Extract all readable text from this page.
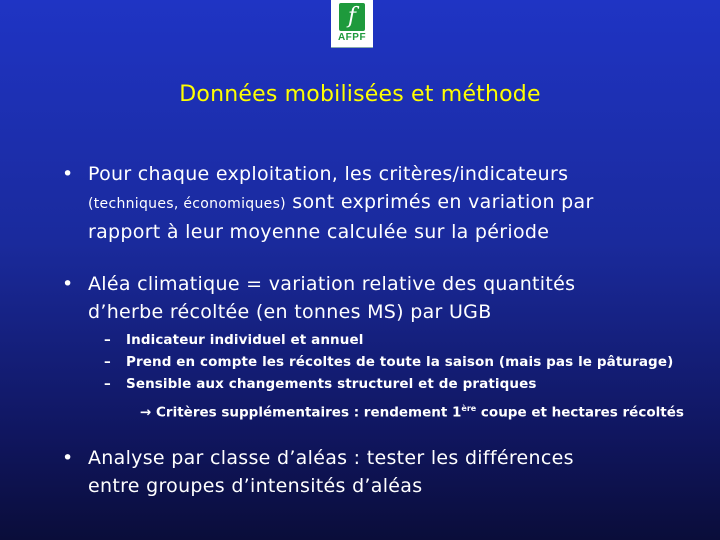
f
AFPF
Données mobilisées et méthode
• Pour chaque exploitation, les critères/indicateurs
(techniques, économiques) sont exprimés en variation par
rapport à leur moyenne calculée sur la période
• Aléa climatique = variation relative des quantités
d’herbe récoltée (en tonnes MS) par UGB
– Indicateur individuel et annuel
– Prend en compte les récoltes de toute la saison (mais pas le pâturage)
– Sensible aux changements structurel et de pratiques
→ Critères supplémentaires : rendement 1ère coupe et hectares récoltés
• Analyse par classe d’aléas : tester les différences
entre groupes d’intensités d’aléas
